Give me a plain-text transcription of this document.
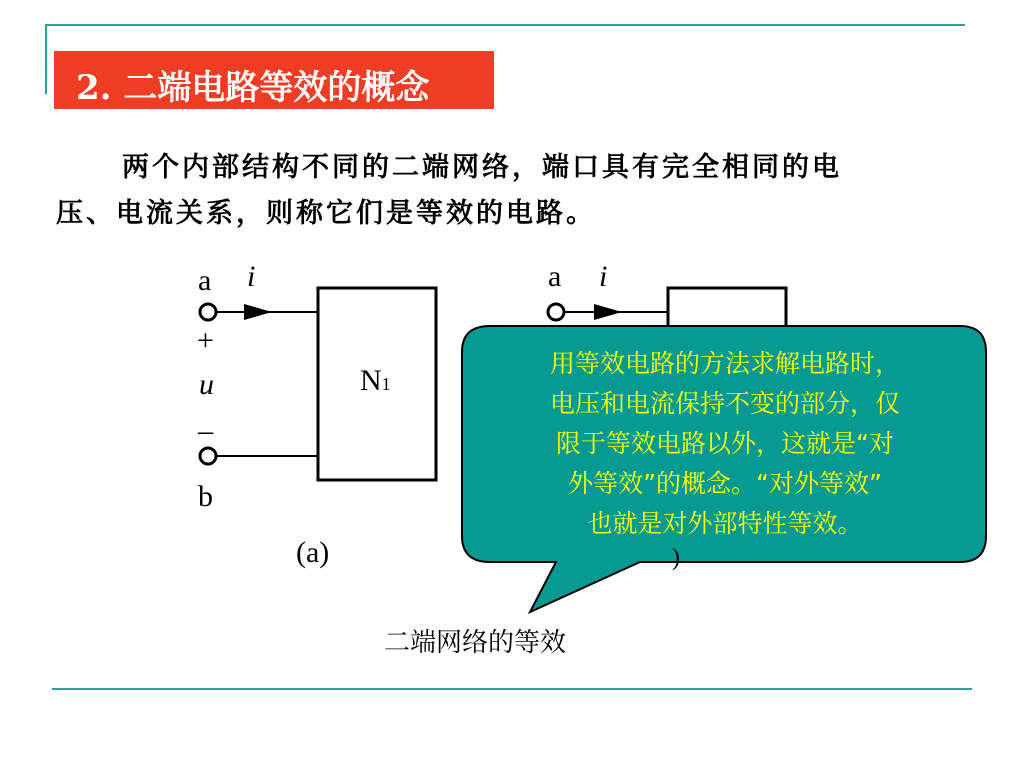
2. 二端电路等效的概念
两个内部结构不同的二端网络，端口具有完全相同的电
压、电流关系，则称它们是等效的电路。
a i
+
u
–
b
N1
(a)
a i
)
用等效电路的方法求解电路时，
电压和电流保持不变的部分，仅
限于等效电路以外，这就是“对
外等效”的概念。“对外等效”
也就是对外部特性等效。
二端网络的等效
